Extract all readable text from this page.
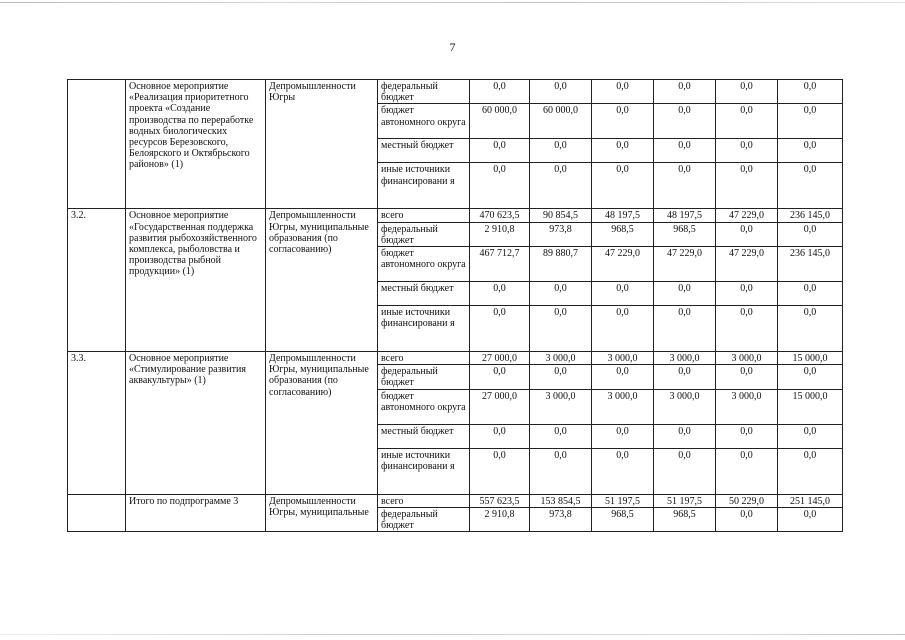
7
	Основное мероприятие «Реализация приоритетного проекта «Создание производства по переработке водных биологических ресурсов Березовского, Белоярского и Октябрьского районов» (1)	Депромышленности Югры	федеральный бюджет	0,0	0,0	0,0	0,0	0,0	0,0
			бюджет автономного округа	60 000,0	60 000,0	0,0	0,0	0,0	0,0
			местный бюджет	0,0	0,0	0,0	0,0	0,0	0,0
			иные источники финансировани я	0,0	0,0	0,0	0,0	0,0	0,0
3.2.	Основное мероприятие «Государственная поддержка развития рыбохозяйственного комплекса, рыболовства и производства рыбной продукции» (1)	Депромышленности Югры, муниципальные образования (по согласованию)	всего	470 623,5	90 854,5	48 197,5	48 197,5	47 229,0	236 145,0
			федеральный бюджет	2 910,8	973,8	968,5	968,5	0,0	0,0
			бюджет автономного округа	467 712,7	89 880,7	47 229,0	47 229,0	47 229,0	236 145,0
			местный бюджет	0,0	0,0	0,0	0,0	0,0	0,0
			иные источники финансировани я	0,0	0,0	0,0	0,0	0,0	0,0
3.3.	Основное мероприятие «Стимулирование развития аквакультуры» (1)	Депромышленности Югры, муниципальные образования (по согласованию)	всего	27 000,0	3 000,0	3 000,0	3 000,0	3 000,0	15 000,0
			федеральный бюджет	0,0	0,0	0,0	0,0	0,0	0,0
			бюджет автономного округа	27 000,0	3 000,0	3 000,0	3 000,0	3 000,0	15 000,0
			местный бюджет	0,0	0,0	0,0	0,0	0,0	0,0
			иные источники финансировани я	0,0	0,0	0,0	0,0	0,0	0,0
	Итого по подпрограмме 3	Депромышленности Югры, муниципальные	всего	557 623,5	153 854,5	51 197,5	51 197,5	50 229,0	251 145,0
			федеральный бюджет	2 910,8	973,8	968,5	968,5	0,0	0,0
